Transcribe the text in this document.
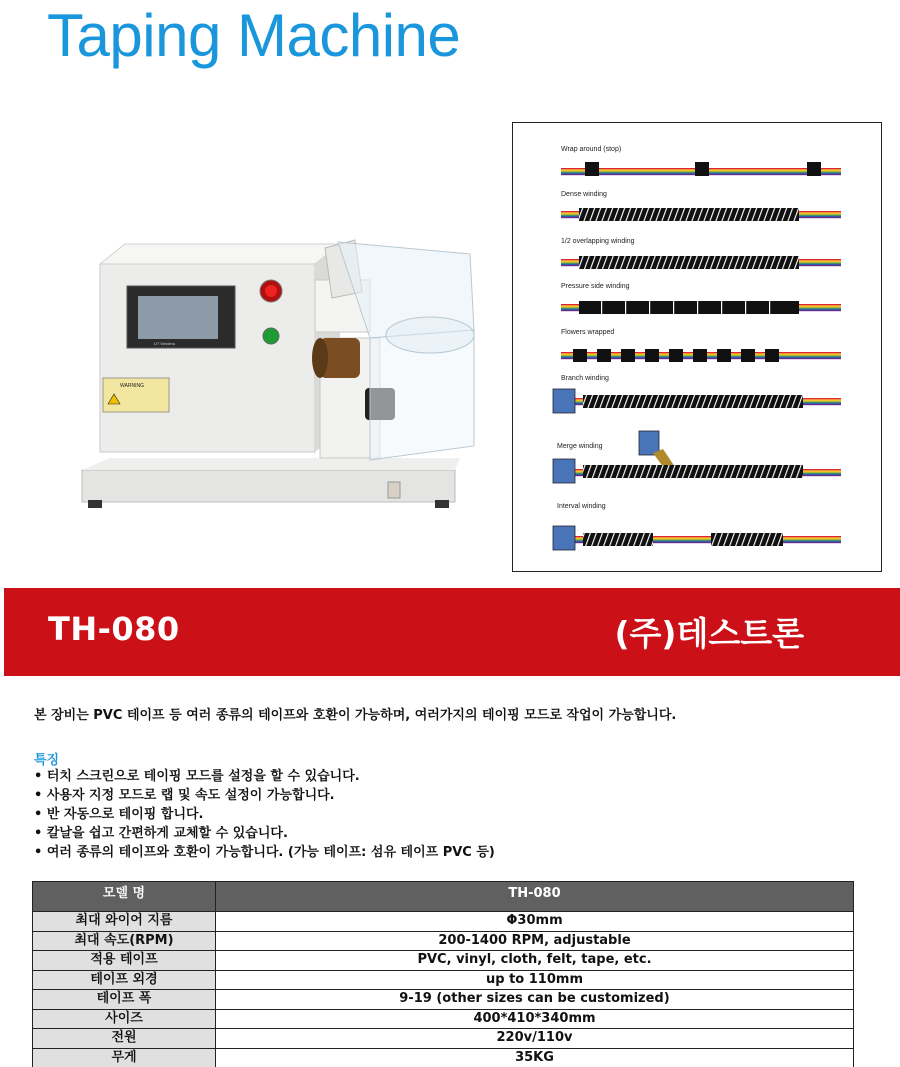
Taping Machine
UT Weidmu
WARNING
Wrap around (stop)
Dense winding
1/2 overlapping winding
Pressure side winding
Flowers wrapped
Branch winding
Merge winding
Interval winding
TH-080	(주)테스트론

본 장비는 PVC 테이프 등 여러 종류의 테이프와 호환이 가능하며, 여러가지의 테이핑 모드로 작업이 가능합니다.

특징
• 터치 스크린으로 테이핑 모드를 설정을 할 수 있습니다.
• 사용자 지정 모드로 랩 및 속도 설정이 가능합니다.
• 반 자동으로 테이핑 합니다.
• 칼날을 쉽고 간편하게 교체할 수 있습니다.
• 여러 종류의 테이프와 호환이 가능합니다. (가능 테이프: 섬유 테이프 PVC 등)
모델 명	TH-080
최대 와이어 지름	Φ30mm
최대 속도(RPM)	200-1400 RPM, adjustable
적용 테이프	PVC, vinyl, cloth, felt, tape, etc.
테이프 외경	up to 110mm
테이프 폭	9-19 (other sizes can be customized)
사이즈	400*410*340mm
전원	220v/110v
무게	35KG
